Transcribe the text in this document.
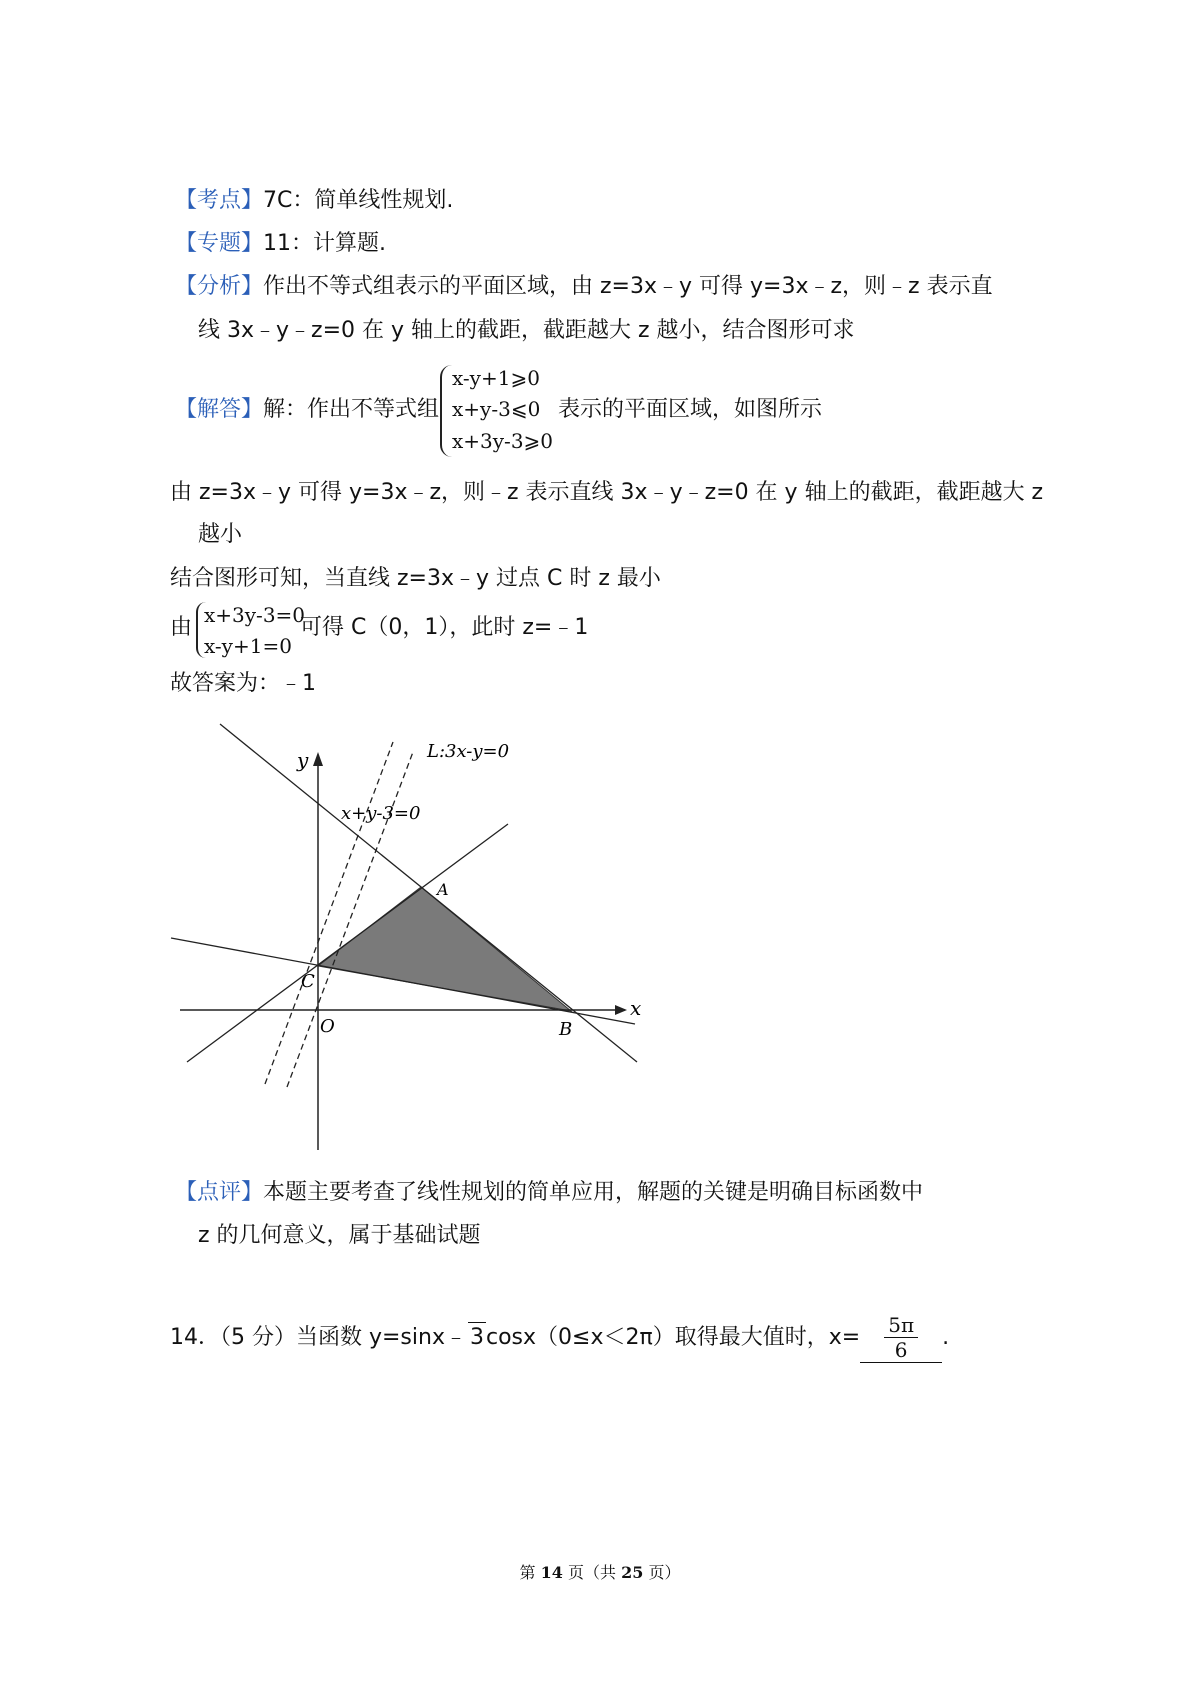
【考点】7C：简单线性规划.
【专题】11：计算题.
【分析】作出不等式组表示的平面区域，由 z=3x﹣y 可得 y=3x﹣z，则﹣z 表示直
线 3x﹣y﹣z=0 在 y 轴上的截距，截距越大 z 越小，结合图形可求
【解答】解：作出不等式组
x-y+1⩾0
x+y-3⩽0
x+3y-3⩾0
表示的平面区域，如图所示
由 z=3x﹣y 可得 y=3x﹣z，则﹣z 表示直线 3x﹣y﹣z=0 在 y 轴上的截距，截距越大 z
越小
结合图形可知，当直线 z=3x﹣y 过点 C 时 z 最小
由 x+3y-3=0
x-y+1=0
可得 C（0，1），此时 z=﹣1
故答案为：﹣1
y
x
O
A
B
C
L:3x-y=0
x+y-3=0
【点评】本题主要考查了线性规划的简单应用，解题的关键是明确目标函数中
z 的几何意义，属于基础试题
14．（5 分）当函数 y=sinx﹣ 3cosx（0≤x＜2π）取得最大值时，$x= \frac{5\pi}{6}$ .
第 14 页（共 25 页）
